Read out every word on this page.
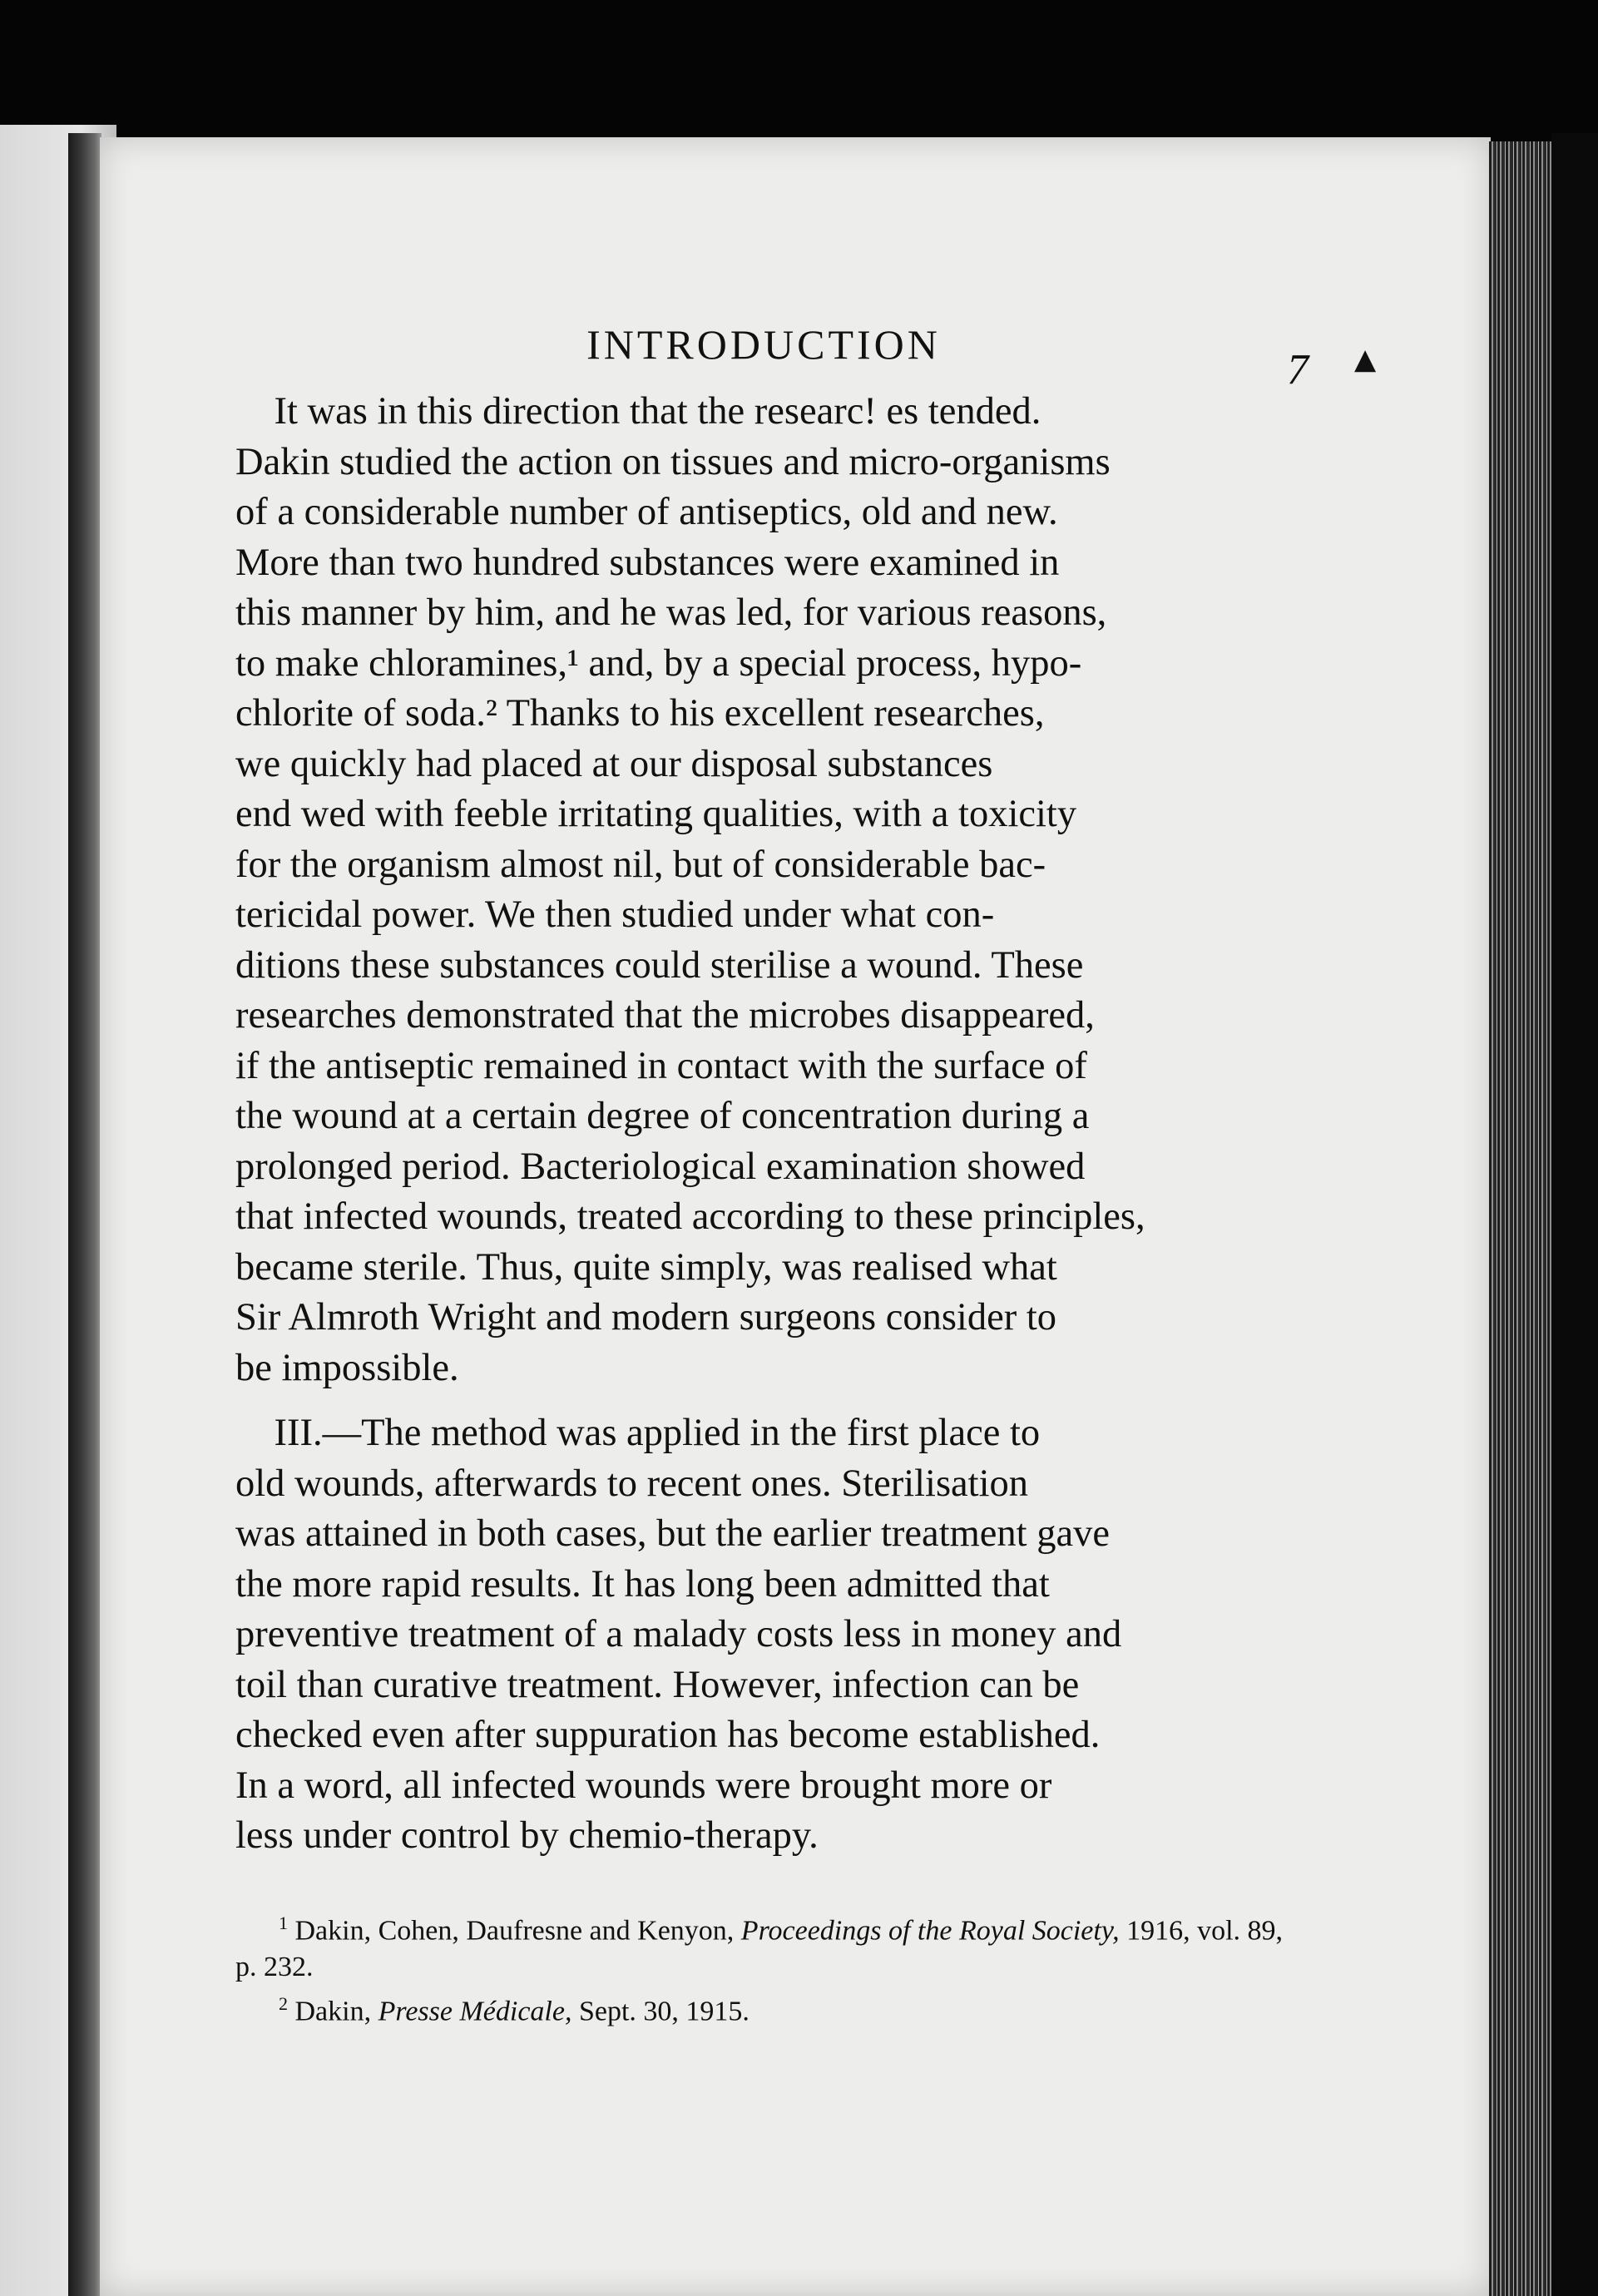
▲
INTRODUCTION
7
 It was in this direction that the researc! es tended.
Dakin studied the action on tissues and micro-organisms
of a considerable number of antiseptics, old and new.
More than two hundred substances were examined in
this manner by him, and he was led, for various reasons,
to make chloramines,¹ and, by a special process, hypo-
chlorite of soda.² Thanks to his excellent researches,
we quickly had placed at our disposal substances
end wed with feeble irritating qualities, with a toxicity
for the organism almost nil, but of considerable bac-
tericidal power. We then studied under what con-
ditions these substances could sterilise a wound. These
researches demonstrated that the microbes disappeared,
if the antiseptic remained in contact with the surface of
the wound at a certain degree of concentration during a
prolonged period. Bacteriological examination showed
that infected wounds, treated according to these principles,
became sterile. Thus, quite simply, was realised what
Sir Almroth Wright and modern surgeons consider to
be impossible.
 III.—The method was applied in the first place to
old wounds, afterwards to recent ones. Sterilisation
was attained in both cases, but the earlier treatment gave
the more rapid results. It has long been admitted that
preventive treatment of a malady costs less in money and
toil than curative treatment. However, infection can be
checked even after suppuration has become established.
In a word, all infected wounds were brought more or
less under control by chemio-therapy.

$^1$ Dakin, Cohen, Daufresne and Kenyon, Proceedings of the Royal Society, 1916, vol. 89, p. 232.

$^2$ Dakin, Presse Médicale, Sept. 30, 1915.
